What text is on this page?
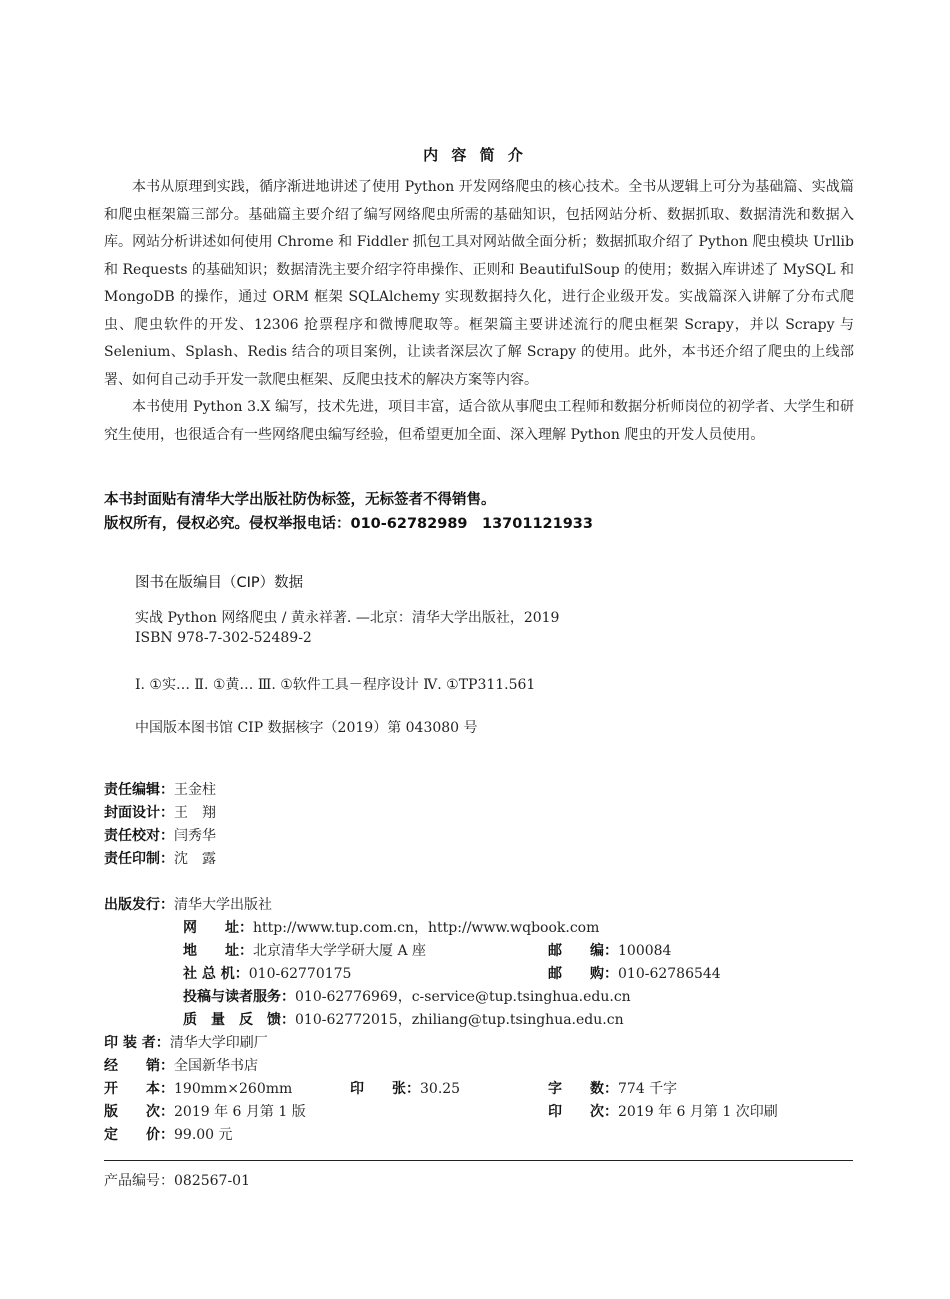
内 容 简 介

本书从原理到实践，循序渐进地讲述了使用 Python 开发网络爬虫的核心技术。全书从逻辑上可分为基础篇、实战篇和爬虫框架篇三部分。基础篇主要介绍了编写网络爬虫所需的基础知识，包括网站分析、数据抓取、数据清洗和数据入库。网站分析讲述如何使用 Chrome 和 Fiddler 抓包工具对网站做全面分析；数据抓取介绍了 Python 爬虫模块 Urllib 和 Requests 的基础知识；数据清洗主要介绍字符串操作、正则和 BeautifulSoup 的使用；数据入库讲述了 MySQL 和 MongoDB 的操作，通过 ORM 框架 SQLAlchemy 实现数据持久化，进行企业级开发。实战篇深入讲解了分布式爬虫、爬虫软件的开发、12306 抢票程序和微博爬取等。框架篇主要讲述流行的爬虫框架 Scrapy，并以 Scrapy 与 Selenium、Splash、Redis 结合的项目案例，让读者深层次了解 Scrapy 的使用。此外，本书还介绍了爬虫的上线部署、如何自己动手开发一款爬虫框架、反爬虫技术的解决方案等内容。

本书使用 Python 3.X 编写，技术先进，项目丰富，适合欲从事爬虫工程师和数据分析师岗位的初学者、大学生和研究生使用，也很适合有一些网络爬虫编写经验，但希望更加全面、深入理解 Python 爬虫的开发人员使用。

本书封面贴有清华大学出版社防伪标签，无标签者不得销售。
版权所有，侵权必究。侵权举报电话：010-62782989　13701121933
图书在版编目（CIP）数据
实战 Python 网络爬虫 / 黄永祥著. —北京：清华大学出版社，2019
ISBN 978-7-302-52489-2
Ⅰ. ①实… Ⅱ. ①黄… Ⅲ. ①软件工具－程序设计 Ⅳ. ①TP311.561
中国版本图书馆 CIP 数据核字（2019）第 043080 号
责任编辑：王金柱
封面设计：王　翔
责任校对：闫秀华
责任印制：沈　露
出版发行：清华大学出版社
网　　址：http://www.tup.com.cn，http://www.wqbook.com
地　　址：北京清华大学学研大厦 A 座	邮　　编：100084
社 总 机：010-62770175	邮　　购：010-62786544
投稿与读者服务：010-62776969，c-service@tup.tsinghua.edu.cn
质　量　反　馈：010-62772015，zhiliang@tup.tsinghua.edu.cn
印 装 者：清华大学印刷厂
经　　销：全国新华书店
开　　本：190mm×260mm	印　　张：30.25	字　　数：774 千字
版　　次：2019 年 6 月第 1 版	印　　次：2019 年 6 月第 1 次印刷
定　　价：99.00 元
产品编号：082567-01
